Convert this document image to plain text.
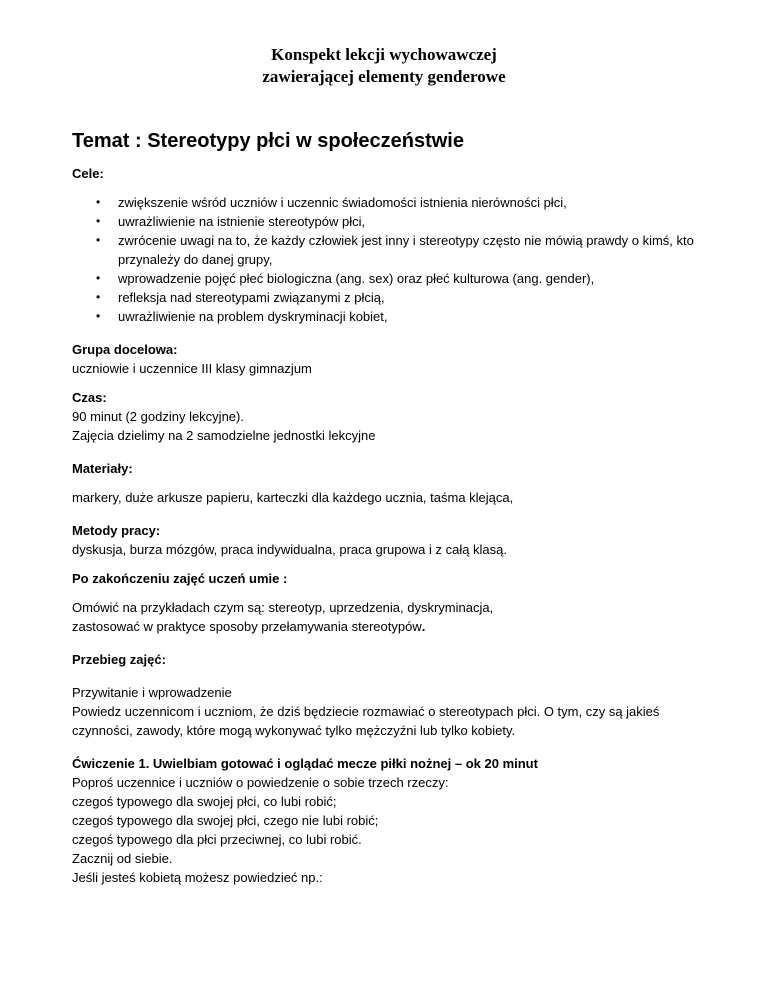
Konspekt lekcji wychowawczej
zawierającej elementy genderowe
Temat : Stereotypy płci w społeczeństwie

Cele:

• zwiększenie wśród uczniów i uczennic świadomości istnienia nierówności płci,
• uwrażliwienie na istnienie stereotypów płci,
• zwrócenie uwagi na to, że każdy człowiek jest inny i stereotypy często nie mówią prawdy o kimś, kto przynależy do danej grupy,
• wprowadzenie pojęć płeć biologiczna (ang. sex) oraz płeć kulturowa (ang. gender),
• refleksja nad stereotypami związanymi z płcią,
• uwrażliwienie na problem dyskryminacji kobiet,

Grupa docelowa:

uczniowie i uczennice III klasy gimnazjum

Czas:

90 minut (2 godziny lekcyjne).

Zajęcia dzielimy na 2 samodzielne jednostki lekcyjne

Materiały:

markery, duże arkusze papieru, karteczki dla każdego ucznia, taśma klejąca,

Metody pracy:

dyskusja, burza mózgów, praca indywidualna, praca grupowa i z całą klasą.

Po zakończeniu zajęć uczeń umie :

Omówić na przykładach czym są: stereotyp, uprzedzenia, dyskryminacja,

zastosować w praktyce sposoby przełamywania stereotypów.

Przebieg zajęć:

Przywitanie i wprowadzenie

Powiedz uczennicom i uczniom, że dziś będziecie rozmawiać o stereotypach płci. O tym, czy są jakieś czynności, zawody, które mogą wykonywać tylko mężczyźni lub tylko kobiety.

Ćwiczenie 1. Uwielbiam gotować i oglądać mecze piłki nożnej – ok 20 minut

Poproś uczennice i uczniów o powiedzenie o sobie trzech rzeczy:

czegoś typowego dla swojej płci, co lubi robić;

czegoś typowego dla swojej płci, czego nie lubi robić;

czegoś typowego dla płci przeciwnej, co lubi robić.

Zacznij od siebie.

Jeśli jesteś kobietą możesz powiedzieć np.:
